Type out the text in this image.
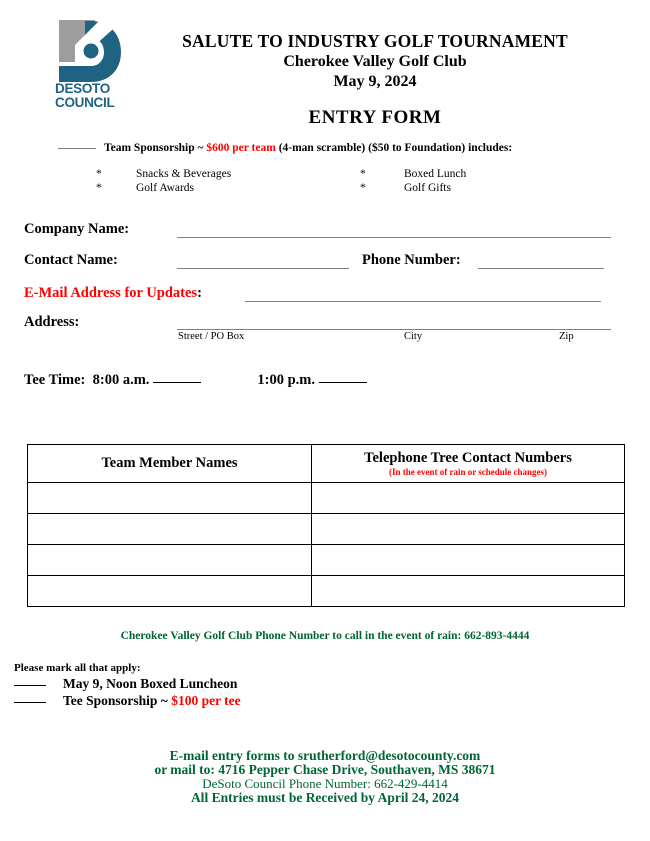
DESOTO
COUNCIL
SALUTE TO INDUSTRY GOLF TOURNAMENT
Cherokee Valley Golf Club
May 9, 2024
ENTRY FORM
Team Sponsorship ~ $600 per team (4-man scramble) ($50 to Foundation) includes:
*	Snacks & Beverages
*	Golf Awards
*	Boxed Lunch
*	Golf Gifts
Company Name:
Contact Name:	Phone Number:
E-Mail Address for Updates:
Address:
Street / PO Box	City	Zip
Tee Time: 8:00 a.m.	1:00 p.m.
Team Member Names	Telephone Tree Contact Numbers
(In the event of rain or schedule changes)

Cherokee Valley Golf Club Phone Number to call in the event of rain: 662-893-4444
Please mark all that apply:
May 9, Noon Boxed Luncheon
Tee Sponsorship ~ $100 per tee
E-mail entry forms to srutherford@desotocounty.com
or mail to: 4716 Pepper Chase Drive, Southaven, MS 38671
DeSoto Council Phone Number: 662-429-4414
All Entries must be Received by April 24, 2024
